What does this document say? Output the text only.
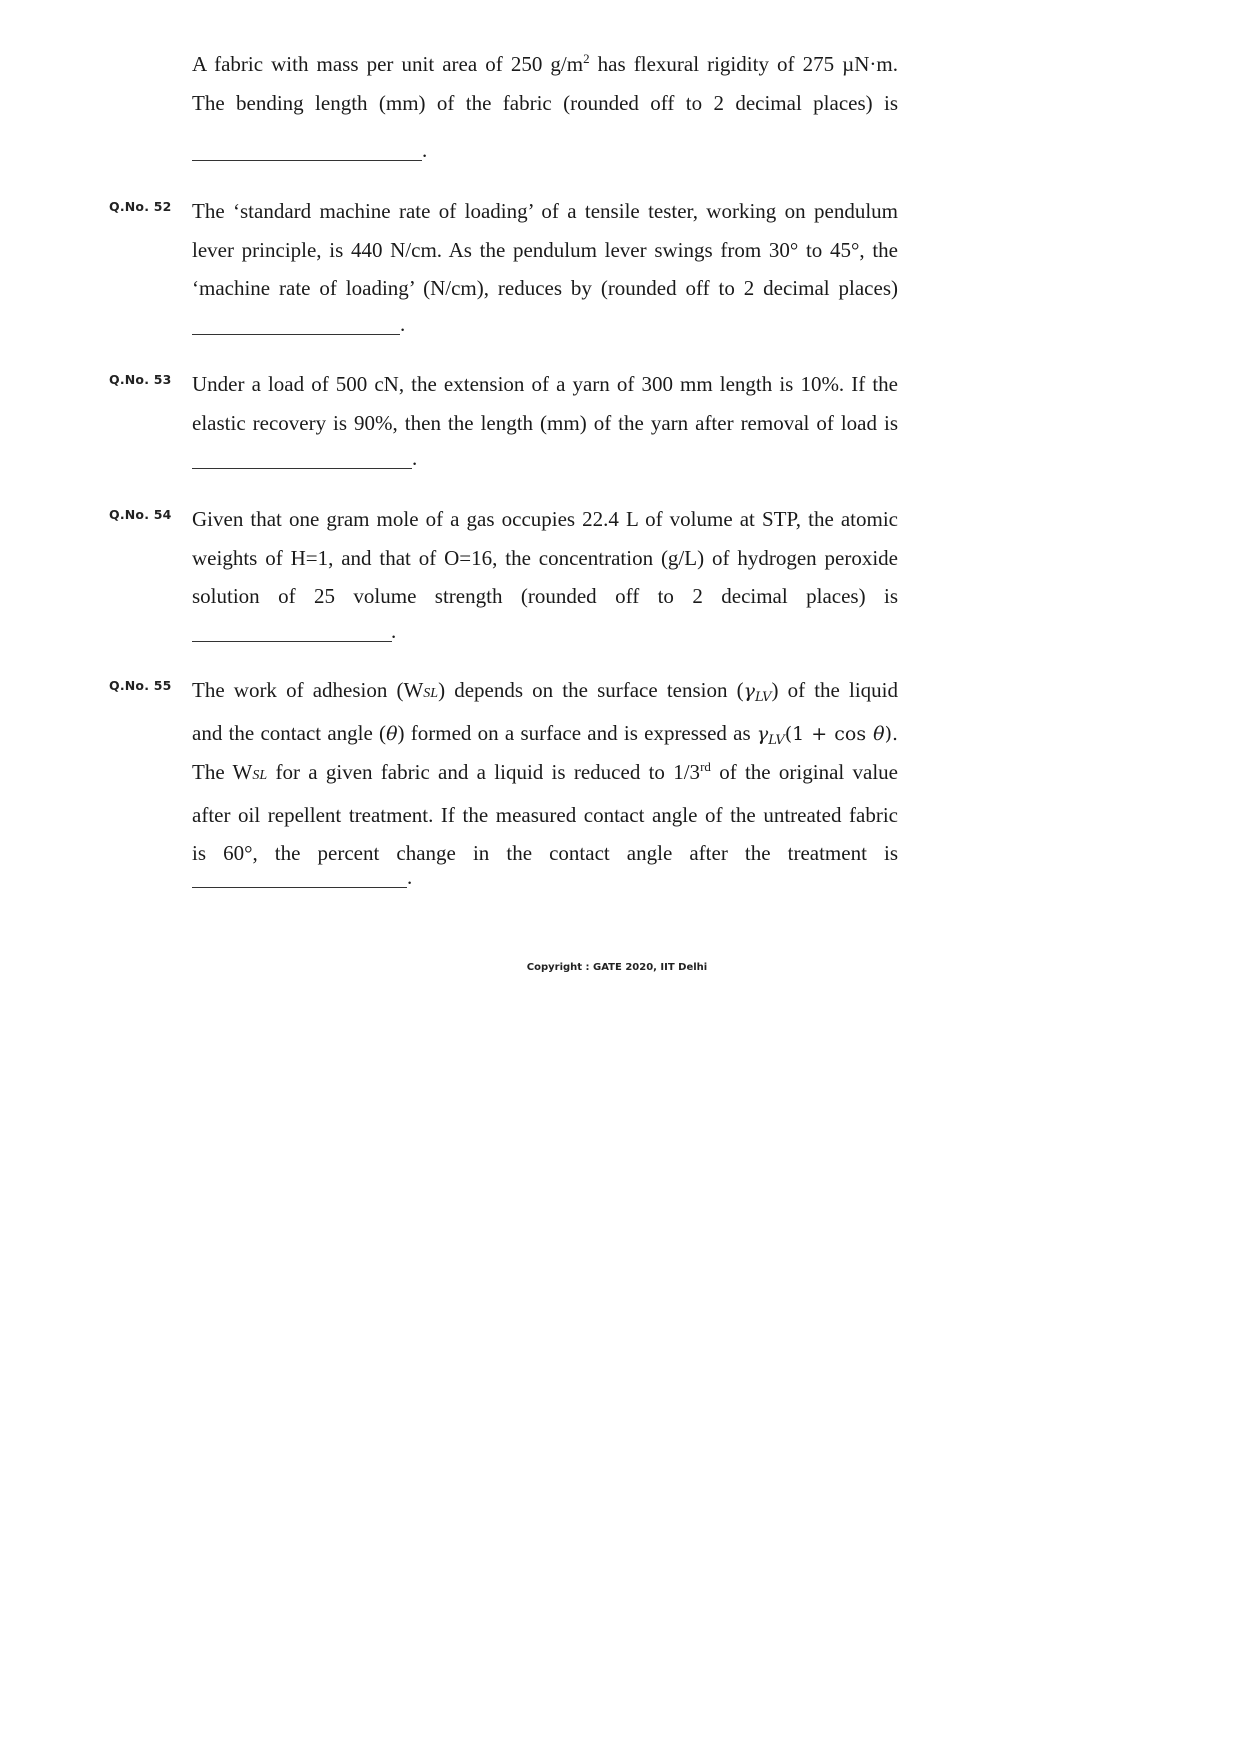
A fabric with mass per unit area of 250 $g/m^2$ has flexural rigidity of 275 µN·m.
The bending length (mm) of the fabric (rounded off to 2 decimal places) is
.
Q.No. 52 The ‘standard machine rate of loading’ of a tensile tester, working on pendulum
lever principle, is 440 N/cm. As the pendulum lever swings from 30° to 45°, the
‘machine rate of loading’ (N/cm), reduces by (rounded off to 2 decimal places)
.
Q.No. 53 Under a load of 500 cN, the extension of a yarn of 300 mm length is 10%. If the
elastic recovery is 90%, then the length (mm) of the yarn after removal of load is
.
Q.No. 54 Given that one gram mole of a gas occupies 22.4 L of volume at STP, the atomic
weights of H=1, and that of O=16, the concentration (g/L) of hydrogen peroxide
solution of 25 volume strength (rounded off to 2 decimal places) is
.
Q.No. 55 The work of adhesion (WSL) depends on the surface tension $(\gamma_{LV})$ of the liquid
and the contact angle (θ) formed on a surface and is expressed as $\gamma_{LV}(1 + \cos \theta)$.
The WSL for a given fabric and a liquid is reduced to 1/3rd of the original value
after oil repellent treatment. If the measured contact angle of the untreated fabric
is 60°, the percent change in the contact angle after the treatment is
.
Copyright : GATE 2020, IIT Delhi
